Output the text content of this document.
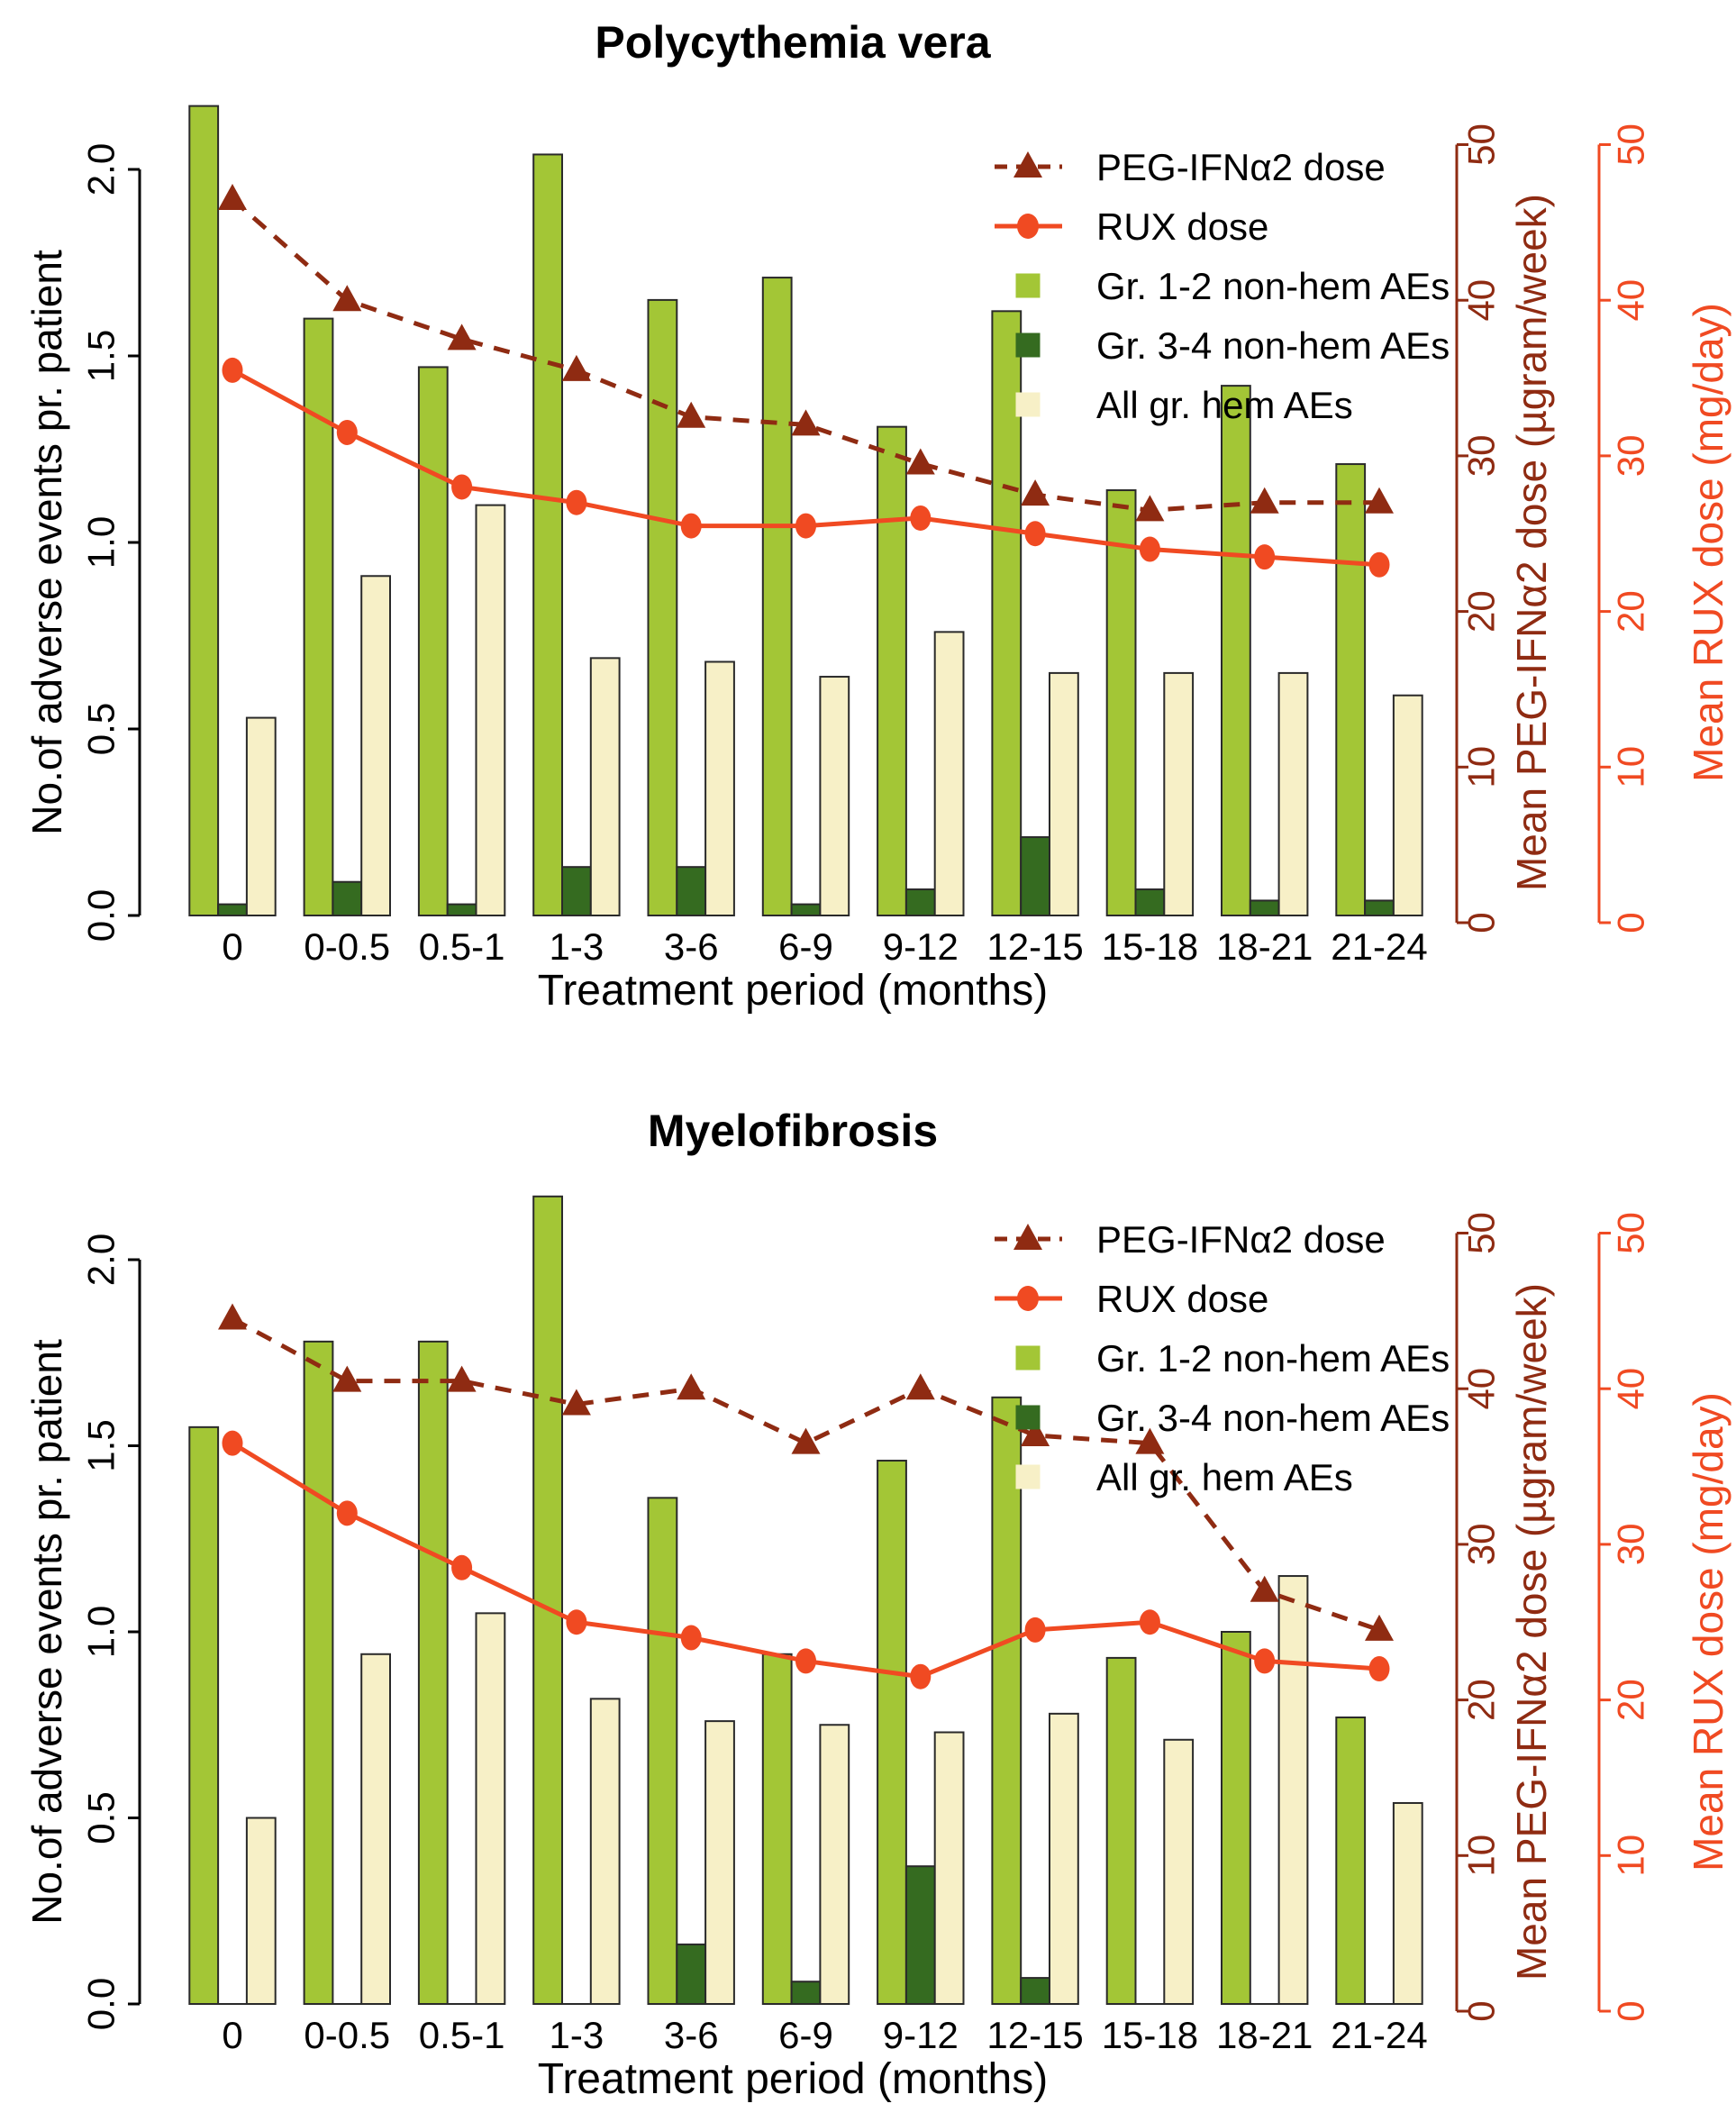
Polycythemia vera
0.0
0.5
1.0
1.5
2.0
No.of adverse events pr. patient
0
10
20
30
40
50
Mean PEG-IFNα2 dose (µgram/week)
0
10
20
30
40
50
Mean RUX dose (mg/day)
0 0-0.5 0.5-1 1-3 3-6 6-9 9-12 12-15 15-18 18-21 21-24
Treatment period (months)
PEG-IFNα2 dose
RUX dose
Gr. 1-2 non-hem AEs
Gr. 3-4 non-hem AEs
All gr. hem AEs
Myelofibrosis
0.0
0.5
1.0
1.5
2.0
No.of adverse events pr. patient
0
10
20
30
40
50
Mean PEG-IFNα2 dose (µgram/week)
0
10
20
30
40
50
Mean RUX dose (mg/day)
0 0-0.5 0.5-1 1-3 3-6 6-9 9-12 12-15 15-18 18-21 21-24
Treatment period (months)
PEG-IFNα2 dose
RUX dose
Gr. 1-2 non-hem AEs
Gr. 3-4 non-hem AEs
All gr. hem AEs
